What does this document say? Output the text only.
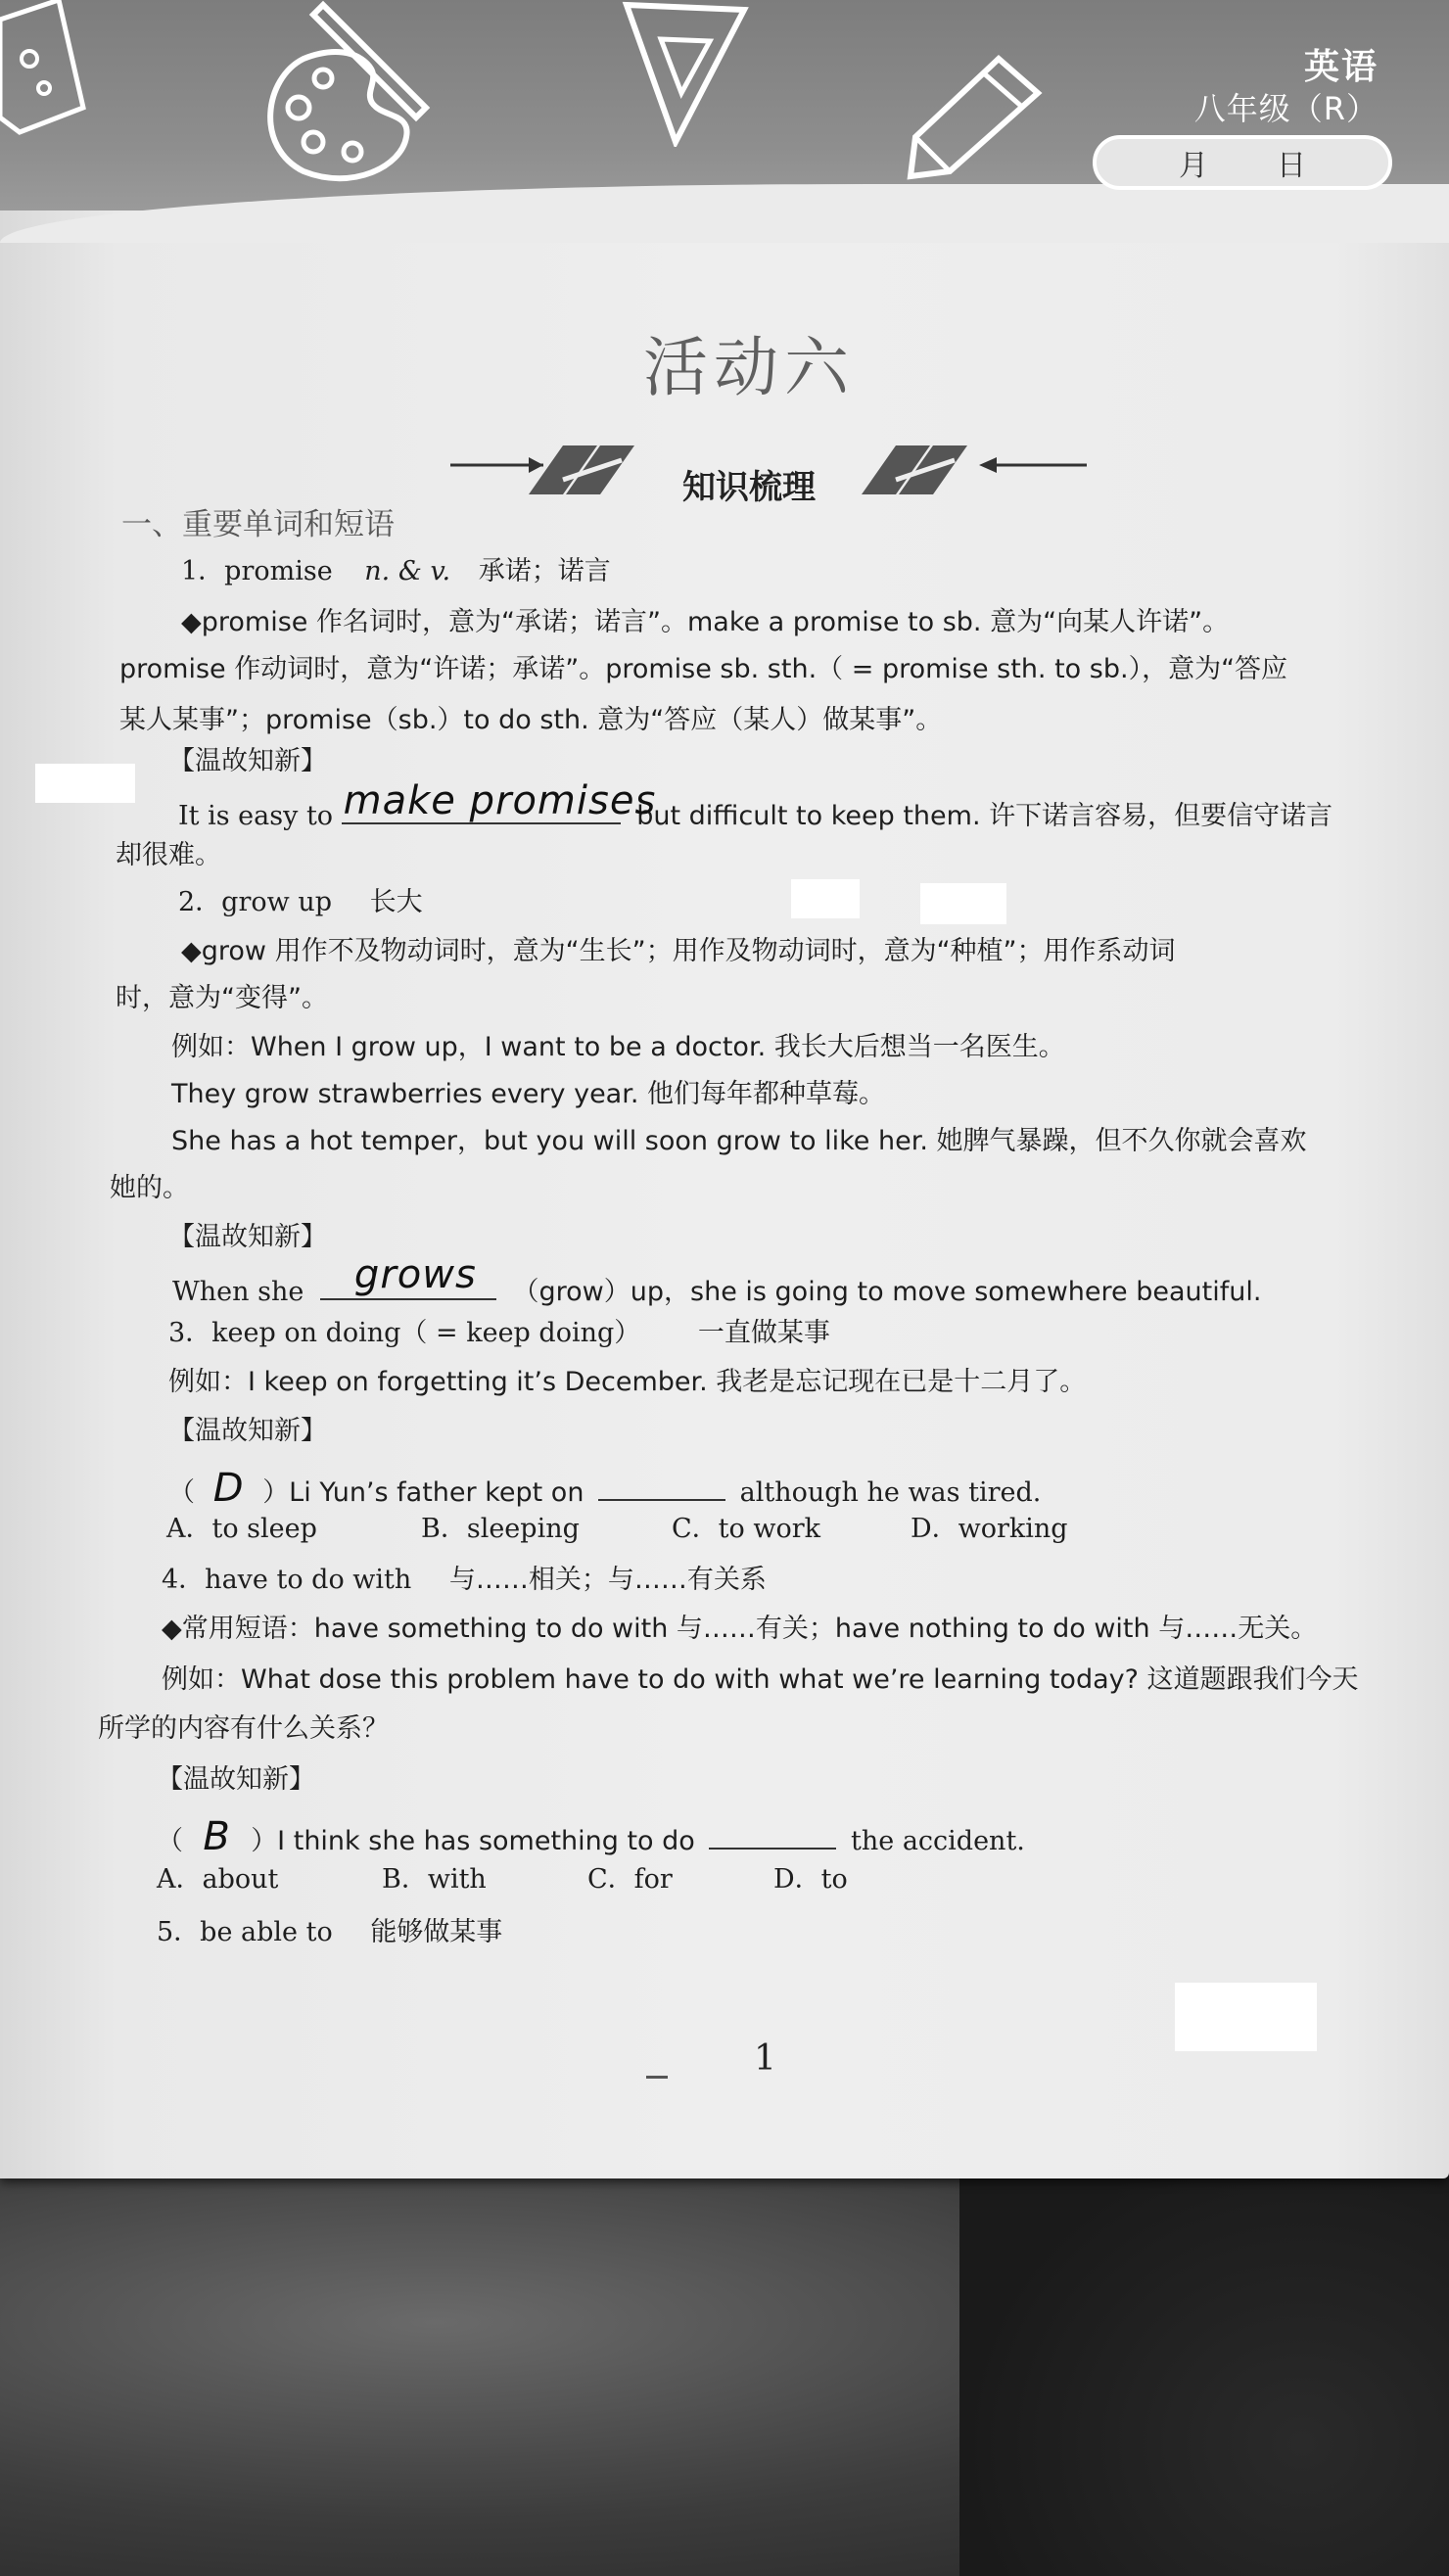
英语
八年级（R）
月 日
活动六
知识梳理
一、重要单词和短语
1．promise n. & v. 承诺；诺言
◆promise 作名词时，意为“承诺；诺言”。make a promise to sb. 意为“向某人许诺”。
promise 作动词时，意为“许诺；承诺”。promise sb. sth.（ = promise sth. to sb.），意为“答应
某人某事”；promise（sb.）to do sth. 意为“答应（某人）做某事”。
【温故知新】
It is easy to make promises
but difficult to keep them. 许下诺言容易，但要信守诺言
却很难。
2．grow up 长大
◆grow 用作不及物动词时，意为“生长”；用作及物动词时，意为“种植”；用作系动词
时，意为“变得”。
例如：When I grow up，I want to be a doctor. 我长大后想当一名医生。
They grow strawberries every year. 他们每年都种草莓。
She has a hot temper，but you will soon grow to like her. 她脾气暴躁，但不久你就会喜欢
她的。
【温故知新】
When she grows （grow）up，she is going to move somewhere beautiful.
3．keep on doing（ = keep doing） 一直做某事
例如：I keep on forgetting it’s December. 我老是忘记现在已是十二月了。
【温故知新】
（ D ）Li Yun’s father kept on	although he was tired.
A．to sleep	B．sleeping	C．to work	D．working
4．have to do with 与……相关；与……有关系
◆常用短语：have something to do with 与……有关；have nothing to do with 与……无关。
例如：What dose this problem have to do with what we’re learning today? 这道题跟我们今天
所学的内容有什么关系？
【温故知新】
（ B ）I think she has something to do	the accident.
A．about	B．with	C．for	D．to
5．be able to 能够做某事
1
